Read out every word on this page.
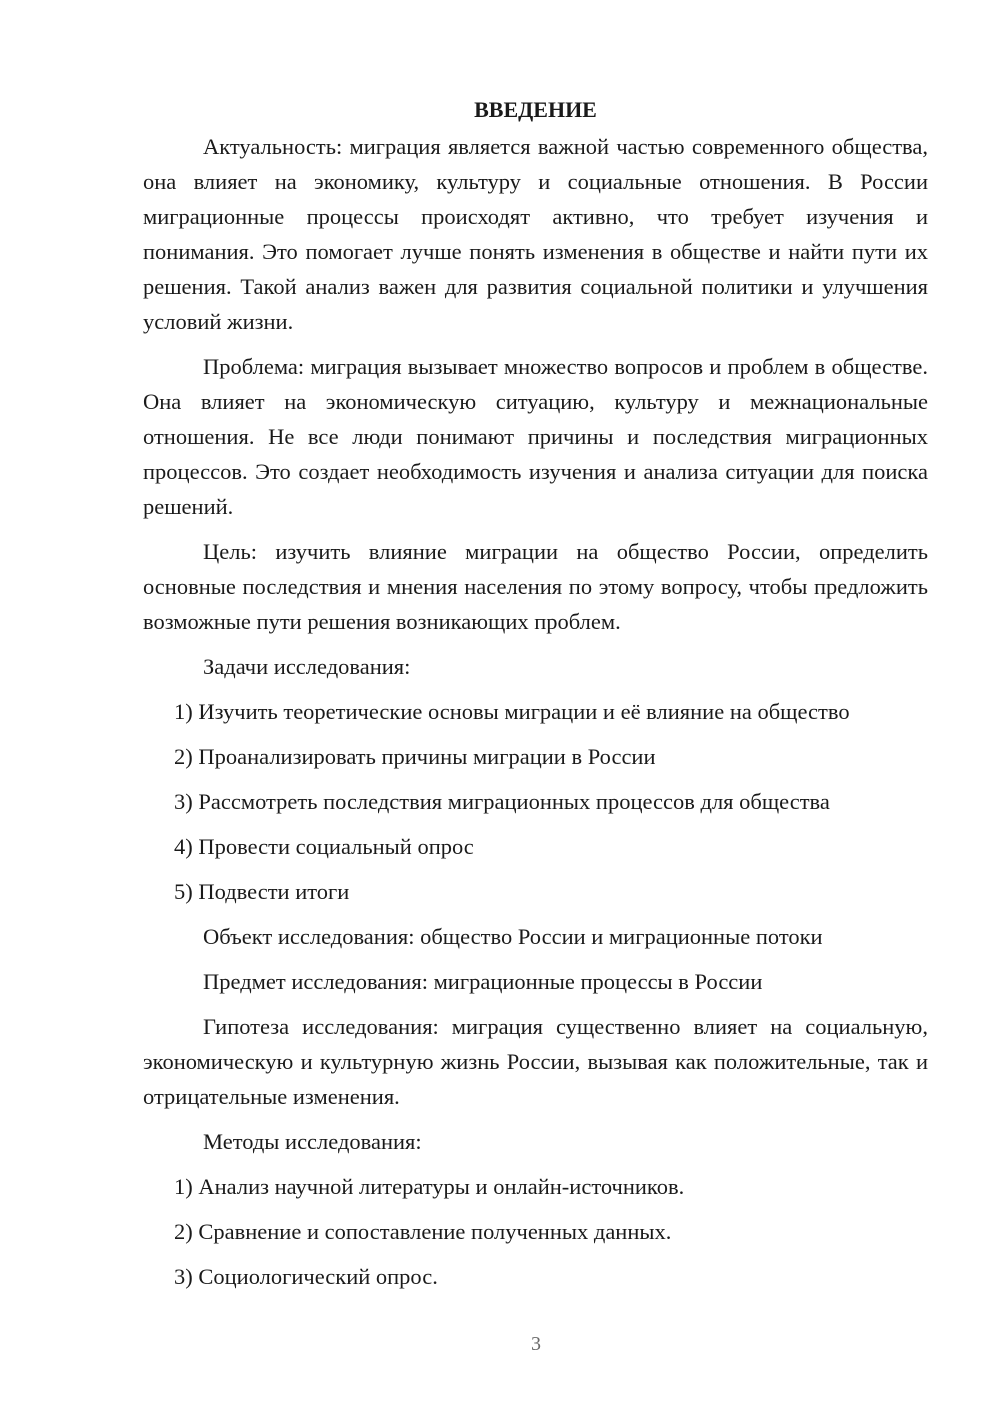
ВВЕДЕНИЕ

Актуальность: миграция является важной частью современного общества, она влияет на экономику, культуру и социальные отношения. В России миграционные процессы происходят активно, что требует изучения и понимания. Это помогает лучше понять изменения в обществе и найти пути их решения. Такой анализ важен для развития социальной политики и улучшения условий жизни.

Проблема: миграция вызывает множество вопросов и проблем в обществе. Она влияет на экономическую ситуацию, культуру и межнациональные отношения. Не все люди понимают причины и последствия миграционных процессов. Это создает необходимость изучения и анализа ситуации для поиска решений.

Цель: изучить влияние миграции на общество России, определить основные последствия и мнения населения по этому вопросу, чтобы предложить возможные пути решения возникающих проблем.

Задачи исследования:
1) Изучить теоретические основы миграции и её влияние на общество
2) Проанализировать причины миграции в России
3) Рассмотреть последствия миграционных процессов для общества
4) Провести социальный опрос
5) Подвести итоги
Объект исследования: общество России и миграционные потоки
Предмет исследования: миграционные процессы в России

Гипотеза исследования: миграция существенно влияет на социальную, экономическую и культурную жизнь России, вызывая как положительные, так и отрицательные изменения.

Методы исследования:
1) Анализ научной литературы и онлайн-источников.
2) Сравнение и сопоставление полученных данных.
3) Социологический опрос.
3
